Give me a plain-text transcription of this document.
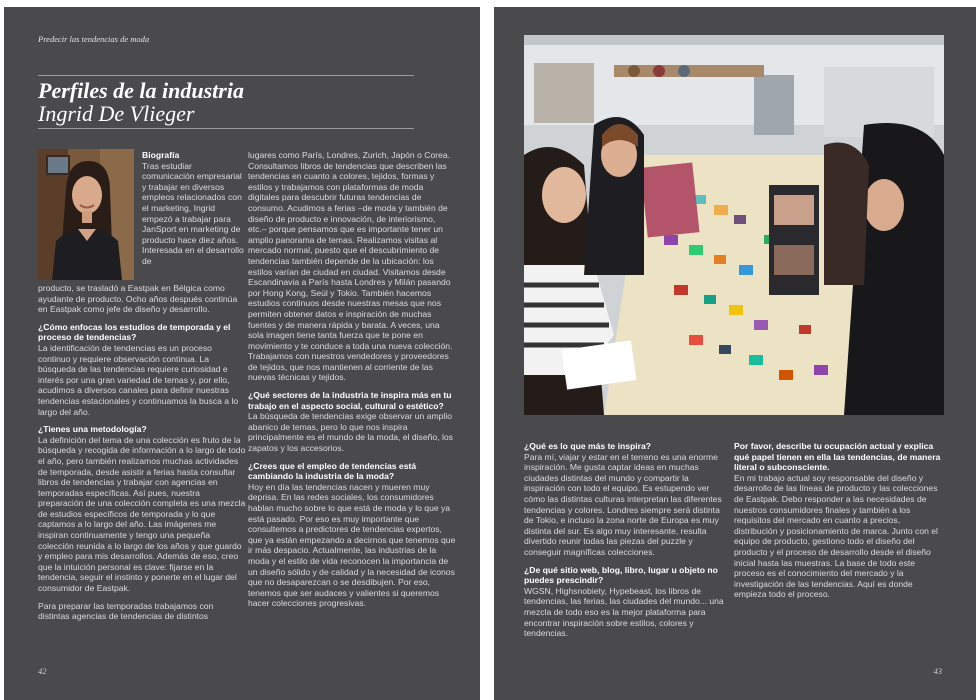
Predecir las tendencias de moda
Perfiles de la industria
Ingrid De Vlieger
Biografía
Tras estudiar comunicación empresarial y trabajar en diversos empleos relacionados con el marketing, Ingrid empezó a trabajar para JanSport en marketing de producto hace diez años. Interesada en el desarrollo de

producto, se trasladó a Eastpak en Bélgica como ayudante de producto. Ocho años después continúa en Eastpak como jefe de diseño y desarrollo.

¿Cómo enfocas los estudios de temporada y el proceso de tendencias?

La identificación de tendencias es un proceso continuo y requiere observación continua. La búsqueda de las tendencias requiere curiosidad e interés por una gran variedad de temas y, por ello, acudimos a diversos canales para definir nuestras tendencias estacionales y continuamos la busca a lo largo del año.

¿Tienes una metodología?

La definición del tema de una colección es fruto de la búsqueda y recogida de información a lo largo de todo el año, pero también realizamos muchas actividades de temporada, desde asistir a ferias hasta consultar libros de tendencias y trabajar con agencias en temporadas específicas. Así pues, nuestra preparación de una colección completa es una mezcla de estudios específicos de temporada y lo que captamos a lo largo del año. Las imágenes me inspiran continuamente y tengo una pequeña colección reunida a lo largo de los años y que guardo y empleo para mis desarrollos. Además de eso, creo que la intuición personal es clave: fijarse en la tendencia, seguir el instinto y ponerte en el lugar del consumidor de Eastpak.

Para preparar las temporadas trabajamos con distintas agencias de tendencias de distintos

lugares como París, Londres, Zurich, Japón o Corea. Consultamos libros de tendencias que describen las tendencias en cuanto a colores, tejidos, formas y estilos y trabajamos con plataformas de moda digitales para descubrir futuras tendencias de consumo. Acudimos a ferias –de moda y también de diseño de producto e innovación, de interiorismo, etc.– porque pensamos que es importante tener un amplio panorama de temas. Realizamos visitas al mercado normal, puesto que el descubrimiento de tendencias también depende de la ubicación: los estilos varían de ciudad en ciudad. Visitamos desde Escandinavia a París hasta Londres y Milán pasando por Hong Kong, Seúl y Tokio. También hacemos estudios continuos desde nuestras mesas que nos permiten obtener datos e inspiración de muchas fuentes y de manera rápida y barata. A veces, una sola imagen tiene tanta fuerza que te pone en movimiento y te conduce a toda una nueva colección. Trabajamos con nuestros vendedores y proveedores de tejidos, que nos mantienen al corriente de las nuevas técnicas y tejidos.

¿Qué sectores de la industria te inspira más en tu trabajo en el aspecto social, cultural o estético?

La búsqueda de tendencias exige observar un amplio abanico de temas, pero lo que nos inspira principalmente es el mundo de la moda, el diseño, los zapatos y los accesorios.

¿Crees que el empleo de tendencias está cambiando la industria de la moda?

Hoy en día las tendencias nacen y mueren muy deprisa. En las redes sociales, los consumidores hablan mucho sobre lo que está de moda y lo que ya está pasado. Por eso es muy importante que consultemos a predictores de tendencias expertos, que ya están empezando a decirnos que tenemos que ir más despacio. Actualmente, las industrias de la moda y el estilo de vida reconocen la importancia de un diseño sólido y de calidad y la necesidad de iconos que no desaparezcan o se desdibujen. Por eso, tenemos que ser audaces y valientes si queremos hacer colecciones progresivas.

42
¿Qué es lo que más te inspira?

Para mí, viajar y estar en el terreno es una enorme inspiración. Me gusta captar ideas en muchas ciudades distintas del mundo y compartir la inspiración con todo el equipo. Es estupendo ver cómo las distintas culturas interpretan las diferentes tendencias y colores. Londres siempre será distinta de Tokio, e incluso la zona norte de Europa es muy distinta del sur. Es algo muy interesante, resulta divertido reunir todas las piezas del puzzle y conseguir magníficas colecciones.

¿De qué sitio web, blog, libro, lugar u objeto no puedes prescindir?

WGSN, Highsnobiety, Hypebeast, los libros de tendencias, las ferias, las ciudades del mundo... una mezcla de todo eso es la mejor plataforma para encontrar inspiración sobre estilos, colores y tendencias.

Por favor, describe tu ocupación actual y explica qué papel tienen en ella las tendencias, de manera literal o subconsciente.

En mi trabajo actual soy responsable del diseño y desarrollo de las líneas de producto y las colecciones de Eastpak. Debo responder a las necesidades de nuestros consumidores finales y también a los requisitos del mercado en cuanto a precios, distribución y posicionamiento de marca. Junto con el equipo de producto, gestiono todo el diseño del producto y el proceso de desarrollo desde el diseño inicial hasta las muestras. La base de todo este proceso es el conocimiento del mercado y la investigación de las tendencias. Aquí es donde empieza todo el proceso.

43
